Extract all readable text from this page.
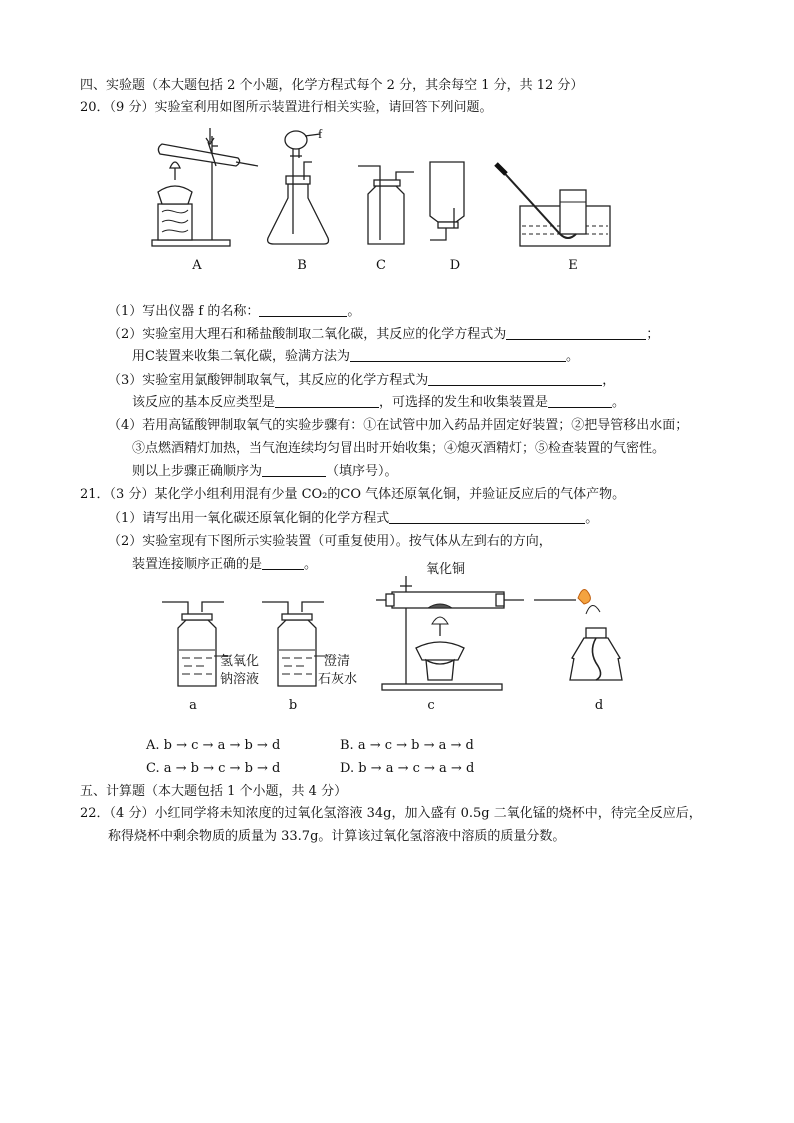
四、实验题（本大题包括 2 个小题，化学方程式每个 2 分，其余每空 1 分，共 12 分）
20．（9 分）实验室利用如图所示装置进行相关实验，请回答下列问题。
f
A	B	C	D	E
（1）写出仪器 f 的名称：	。
（2）实验室用大理石和稀盐酸制取二氧化碳，其反应的化学方程式为	；
用C装置来收集二氧化碳，验满方法为	。
（3）实验室用氯酸钾制取氧气，其反应的化学方程式为	，
该反应的基本反应类型是	，可选择的发生和收集装置是	。
（4）若用高锰酸钾制取氧气的实验步骤有：①在试管中加入药品并固定好装置；②把导管移出水面；
③点燃酒精灯加热，当气泡连续均匀冒出时开始收集；④熄灭酒精灯；⑤检查装置的气密性。
则以上步骤正确顺序为	（填序号）。
21．（3 分）某化学小组利用混有少量 CO₂的CO 气体还原氧化铜，并验证反应后的气体产物。
（1）请写出用一氧化碳还原氧化铜的化学方程式	。
（2）实验室现有下图所示实验装置（可重复使用）。按气体从左到右的方向，
装置连接顺序正确的是	。
氢氧化
钠溶液
澄清
石灰水
氧化铜
a	b	c	d
A. b → c → a → b → d	B. a → c → b → a → d
C. a → b → c → b → d	D. b → a → c → a → d
五、计算题（本大题包括 1 个小题，共 4 分）
22．（4 分）小红同学将未知浓度的过氧化氢溶液 34g，加入盛有 0.5g 二氧化锰的烧杯中，待完全反应后，
称得烧杯中剩余物质的质量为 33.7g。计算该过氧化氢溶液中溶质的质量分数。
